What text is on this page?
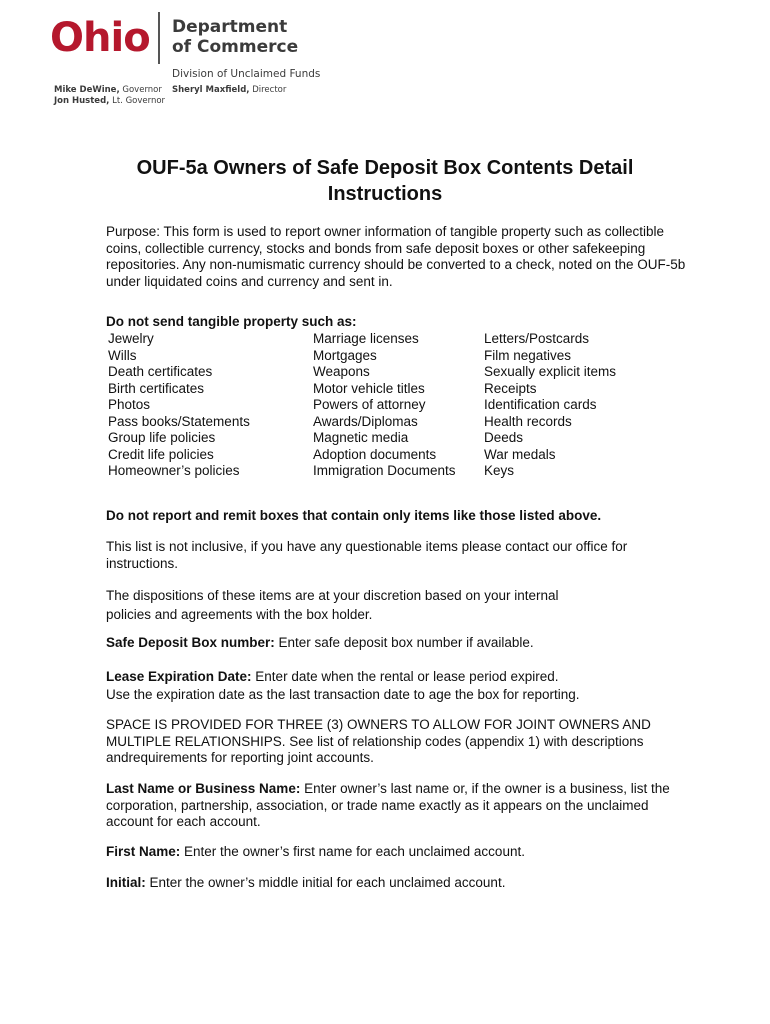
Ohio Department
of Commerce
Division of Unclaimed Funds
Sheryl Maxfield, Director
Mike DeWine, Governor
Jon Husted, Lt. Governor
OUF-5a Owners of Safe Deposit Box Contents Detail
Instructions
Purpose: This form is used to report owner information of tangible property such as collectible coins, collectible currency, stocks and bonds from safe deposit boxes or other safekeeping repositories. Any non-numismatic currency should be converted to a check, noted on the OUF-5b under liquidated coins and currency and sent in.
Do not send tangible property such as:
Jewelry
Wills
Death certificates
Birth certificates
Photos
Pass books/Statements
Group life policies
Credit life policies
Homeowner’s policies
Marriage licenses
Mortgages
Weapons
Motor vehicle titles
Powers of attorney
Awards/Diplomas
Magnetic media
Adoption documents
Immigration Documents
Letters/Postcards
Film negatives
Sexually explicit items
Receipts
Identification cards
Health records
Deeds
War medals
Keys
Do not report and remit boxes that contain only items like those listed above.
This list is not inclusive, if you have any questionable items please contact our office for instructions.
The dispositions of these items are at your discretion based on your internal
policies and agreements with the box holder.
Safe Deposit Box number: Enter safe deposit box number if available.
Lease Expiration Date: Enter date when the rental or lease period expired.
Use the expiration date as the last transaction date to age the box for reporting.
SPACE IS PROVIDED FOR THREE (3) OWNERS TO ALLOW FOR JOINT OWNERS AND MULTIPLE RELATIONSHIPS. See list of relationship codes (appendix 1) with descriptions andrequirements for reporting joint accounts.
Last Name or Business Name: Enter owner’s last name or, if the owner is a business, list the corporation, partnership, association, or trade name exactly as it appears on the unclaimed account for each account.
First Name: Enter the owner’s first name for each unclaimed account.
Initial: Enter the owner’s middle initial for each unclaimed account.
